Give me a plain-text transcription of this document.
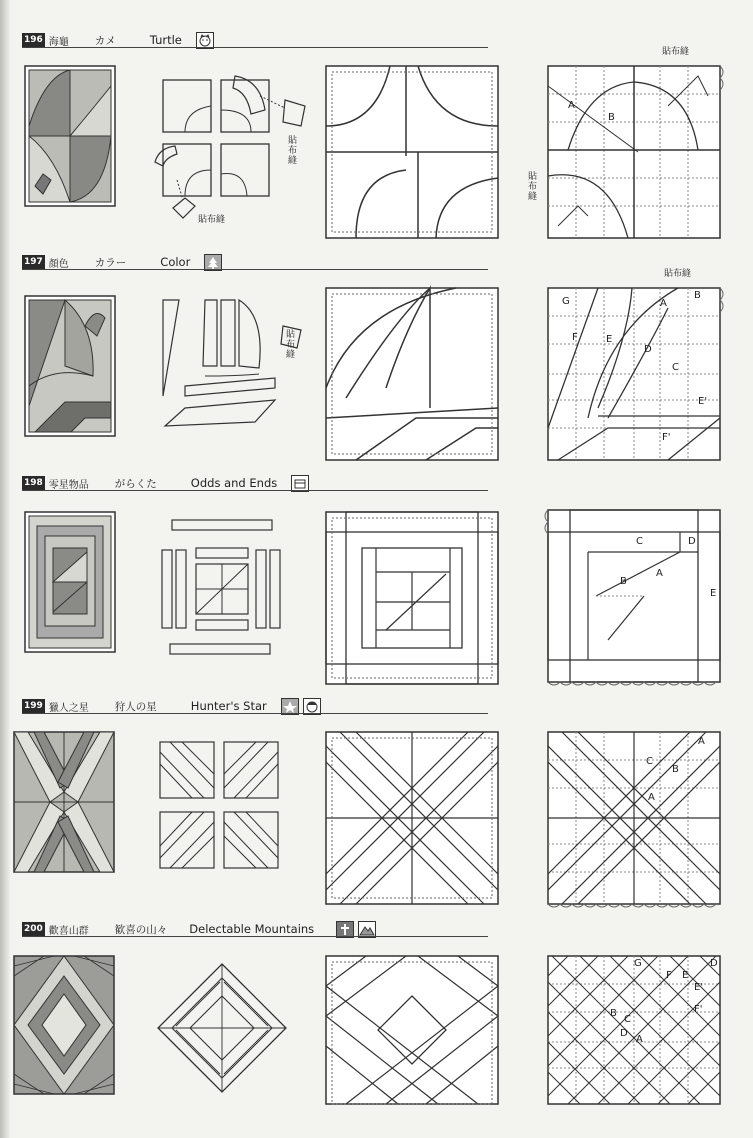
196 海龜 カメ	Turtle
貼
布
縫
貼布縫
貼布縫
A
B
貼
布
縫
197 顏色 カラー	Color
貼
布
縫
貼布縫
G
F	E
A
B
D
C
E'
F'
198 零星物品 がらくた	Odds and Ends
C	D
A
B
E
199 獵人之星 狩人の星	Hunter's Star
A
C
B
A
200 歡喜山群 歓喜の山々 Delectable Mountains
D
G
F E
E'
F'
B
C
A
D
